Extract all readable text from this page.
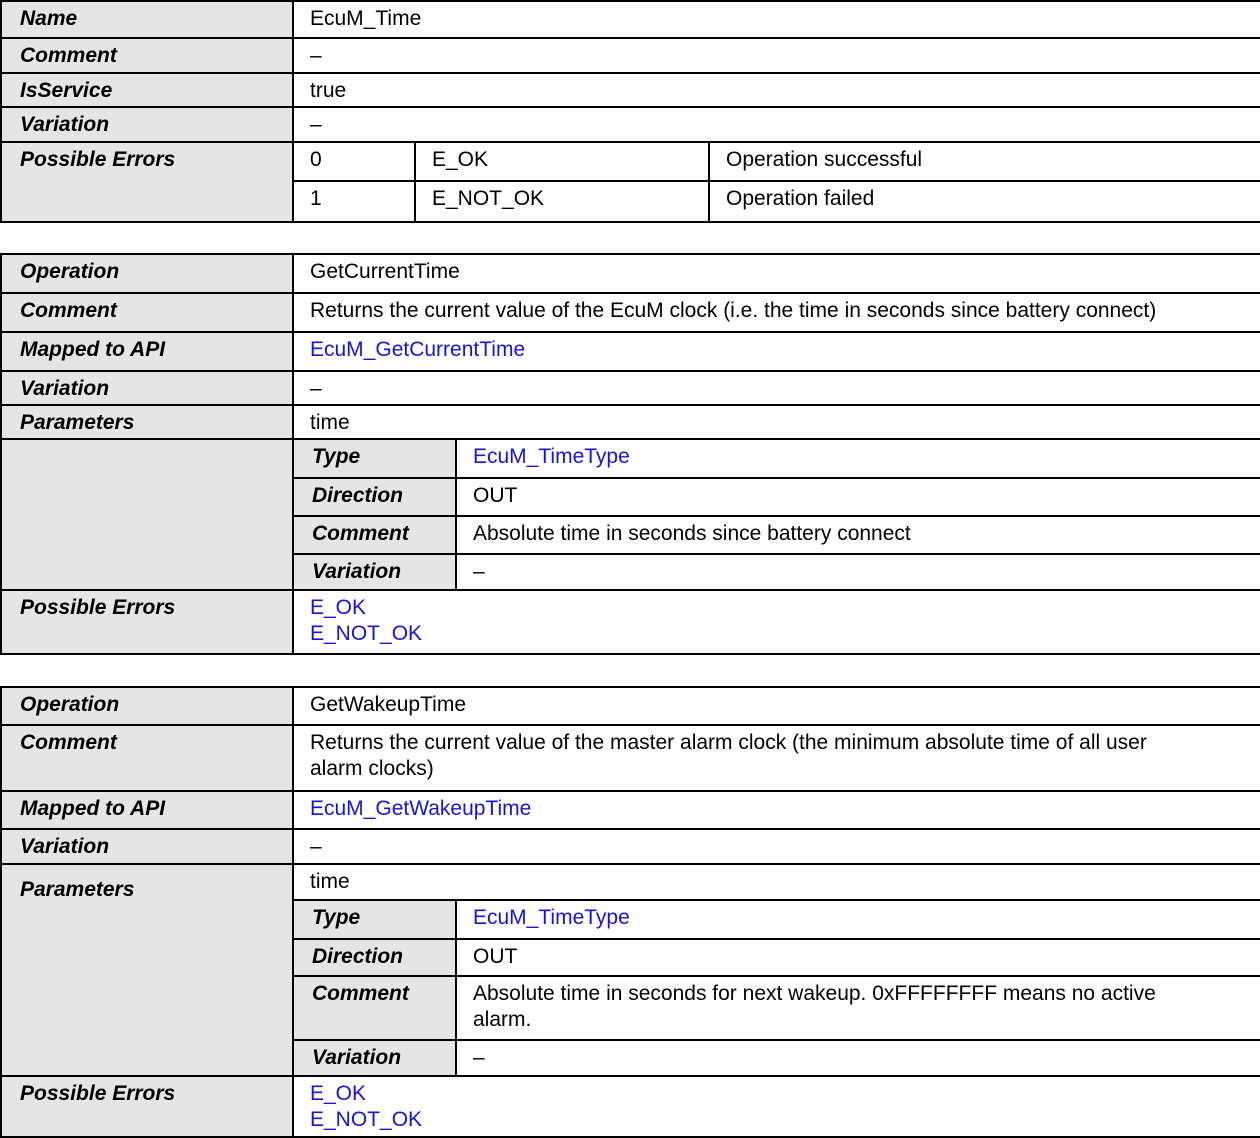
Name	EcuM_Time		
Comment	–		
IsService	true		
Variation	–		
Possible Errors	0	E_OK	Operation successful
	1	E_NOT_OK	Operation failed
Operation	GetCurrentTime	
Comment	Returns the current value of the EcuM clock (i.e. the time in seconds since battery connect)	
Mapped to API	EcuM_GetCurrentTime	
Variation	–	
Parameters	time	
	Type	EcuM_TimeType
	Direction	OUT
	Comment	Absolute time in seconds since battery connect
	Variation	–
Possible Errors	E_OK
E_NOT_OK	
Operation	GetWakeupTime	
Comment	Returns the current value of the master alarm clock (the minimum absolute time of all user
alarm clocks)	

Mapped to API	EcuM_GetWakeupTime	
Variation	–	
Parameters	time	
	Type	EcuM_TimeType
	Direction	OUT
	Comment	Absolute time in seconds for next wakeup. 0xFFFFFFFF means no active
alarm.

	Variation	–
Possible Errors	E_OK
E_NOT_OK	
